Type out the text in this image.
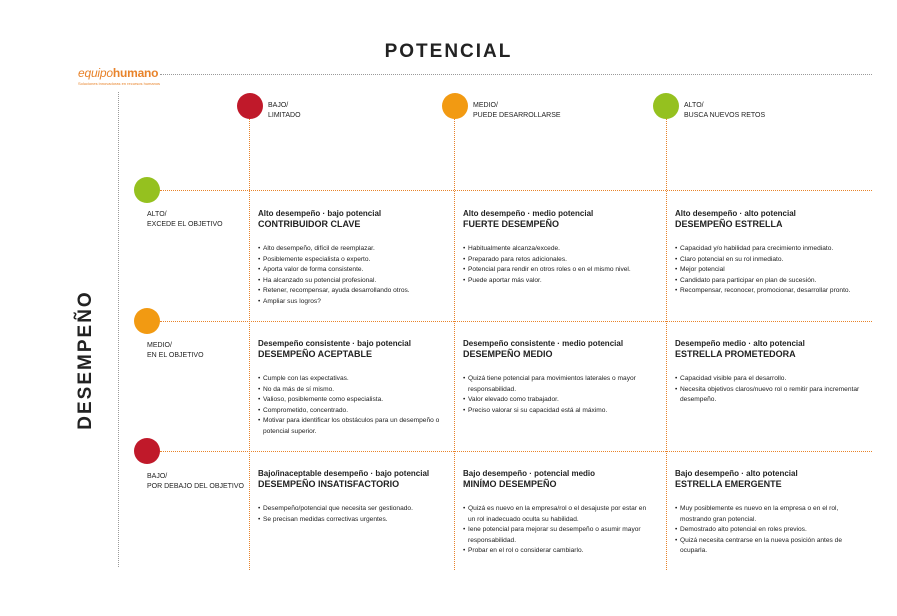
POTENCIAL
DESEMPEÑO
equipohumano
Soluciones innovadoras en recursos humanos
BAJO/
LIMITADO
MEDIO/
PUEDE DESARROLLARSE
ALTO/
BUSCA NUEVOS RETOS
ALTO/
EXCEDE EL OBJETIVO
MEDIO/
EN EL OBJETIVO
BAJO/
POR DEBAJO DEL OBJETIVO
Alto desempeño · bajo potencial
CONTRIBUIDOR CLAVE
• Alto desempeño, difícil de reemplazar.
• Posiblemente especialista o experto.
• Aporta valor de forma consistente.
• Ha alcanzado su potencial profesional.
• Retener, recompensar, ayuda desarrollando otros.
• Ampliar sus logros?
Alto desempeño · medio potencial
FUERTE DESEMPEÑO
• Habitualmente alcanza/excede.
• Preparado para retos adicionales.
• Potencial para rendir en otros roles o en el mismo nivel.
• Puede aportar más valor.
Alto desempeño · alto potencial
DESEMPEÑO ESTRELLA
• Capacidad y/o habilidad para crecimiento inmediato.
• Claro potencial en su rol inmediato.
• Mejor potencial
• Candidato para participar en plan de sucesión.
• Recompensar, reconocer, promocionar, desarrollar pronto.
Desempeño consistente · bajo potencial
DESEMPEÑO ACEPTABLE
• Cumple con las expectativas.
• No da más de sí mismo.
• Valioso, posiblemente como especialista.
• Comprometido, concentrado.
• Motivar para identificar los obstáculos para un desempeño o potencial superior.
Desempeño consistente · medio potencial
DESEMPEÑO MEDIO
• Quizá tiene potencial para movimientos laterales o mayor responsabilidad.
• Valor elevado como trabajador.
• Preciso valorar si su capacidad está al máximo.
Desempeño medio · alto potencial
ESTRELLA PROMETEDORA
• Capacidad visible para el desarrollo.
• Necesita objetivos claros/nuevo rol o remitir para incrementar desempeño.
Bajo/inaceptable desempeño · bajo potencial
DESEMPEÑO INSATISFACTORIO
• Desempeño/potencial que necesita ser gestionado.
• Se precisan medidas correctivas urgentes.
Bajo desempeño · potencial medio
MINÍMO DESEMPEÑO
• Quizá es nuevo en la empresa/rol o el desajuste por estar en un rol inadecuado oculta su habilidad.
• Iene potencial para mejorar su desempeño o asumir mayor responsabilidad.
• Probar en el rol o considerar cambiarlo.
Bajo desempeño · alto potencial
ESTRELLA EMERGENTE
• Muy posiblemente es nuevo en la empresa o en el rol, mostrando gran potencial.
• Demostrado alto potencial en roles previos.
• Quizá necesita centrarse en la nueva posición antes de ocuparla.
